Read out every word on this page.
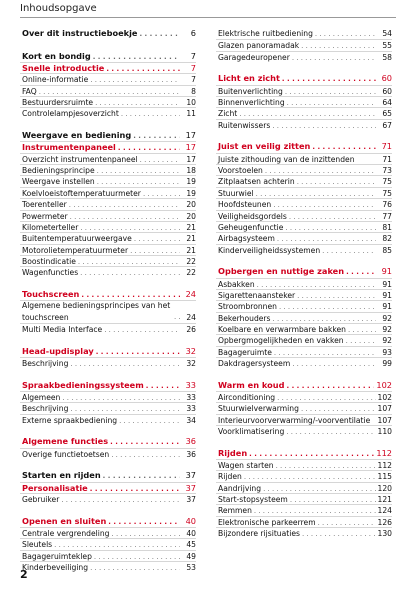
Inhoudsopgave
Over dit instructieboekje . . .	6
Kort en bondig . . .	7
Snelle introductie . . .	7
Online-informatie . . .	7
FAQ . . .	8
Bestuurdersruimte . . .	10
Controlelampjesoverzicht . . .	11
Weergave en bediening . . .	17
Instrumentenpaneel . . .	17
Overzicht instrumentenpaneel . . .	17
Bedieningsprincipe . . .	18
Weergave instellen . . .	19
Koelvloeistoftemperatuurmeter . . .	19
Toerenteller . . .	20
Powermeter . . .	20
Kilometerteller . . .	21
Buitentemperatuurweergave . . .	21
Motorolietemperatuurmeter . . .	21
Boostindicatie . . .	22
Wagenfuncties . . .	22
Touchscreen . . .	24
Algemene bedieningsprincipes van het touchscreen . . .	24
Multi Media Interface . . .	26
Head-updisplay . . .	32
Beschrijving . . .	32
Spraakbedieningssysteem . . .	33
Algemeen . . .	33
Beschrijving . . .	33
Externe spraakbediening . . .	34
Algemene functies . . .	36
Overige functietoetsen . . .	36
Starten en rijden . . .	37
Personalisatie . . .	37
Gebruiker . . .	37
Openen en sluiten . . .	40
Centrale vergrendeling . . .	40
Sleutels . . .	45
Bagageruimteklep . . .	49
Kinderbeveiliging . . .	53
Elektrische ruitbediening . . .	54
Glazen panoramadak . . .	55
Garagedeuropener . . .	58
Licht en zicht . . .	60
Buitenverlichting . . .	60
Binnenverlichting . . .	64
Zicht . . .	65
Ruitenwissers . . .	67
Juist en veilig zitten . . .	71
Juiste zithouding van de inzittenden	71
Voorstoelen . . .	73
Zitplaatsen achterin . . .	75
Stuurwiel . . .	75
Hoofdsteunen . . .	76
Veiligheidsgordels . . .	77
Geheugenfunctie . . .	81
Airbagsysteem . . .	82
Kinderveiligheidssystemen . . .	85
Opbergen en nuttige zaken . . .	91
Asbakken . . .	91
Sigarettenaansteker . . .	91
Stroombronnen . . .	91
Bekerhouders . . .	92
Koelbare en verwarmbare bakken . . .	92
Opbergmogelijkheden en vakken . . .	92
Bagageruimte . . .	93
Dakdragersysteem . . .	99
Warm en koud . . .	102
Airconditioning . . .	102
Stuurwielverwarming . . .	107
Interieurvoorverwarming/-voorventilatie 107
Voorklimatisering . . .	110
Rijden . . .	112
Wagen starten . . .	112
Rijden . . .	115
Aandrijving . . .	120
Start-stopsysteem . . .	121
Remmen . . .	124
Elektronische parkeerrem . . .	126
Bijzondere rijsituaties . . .	130
2
